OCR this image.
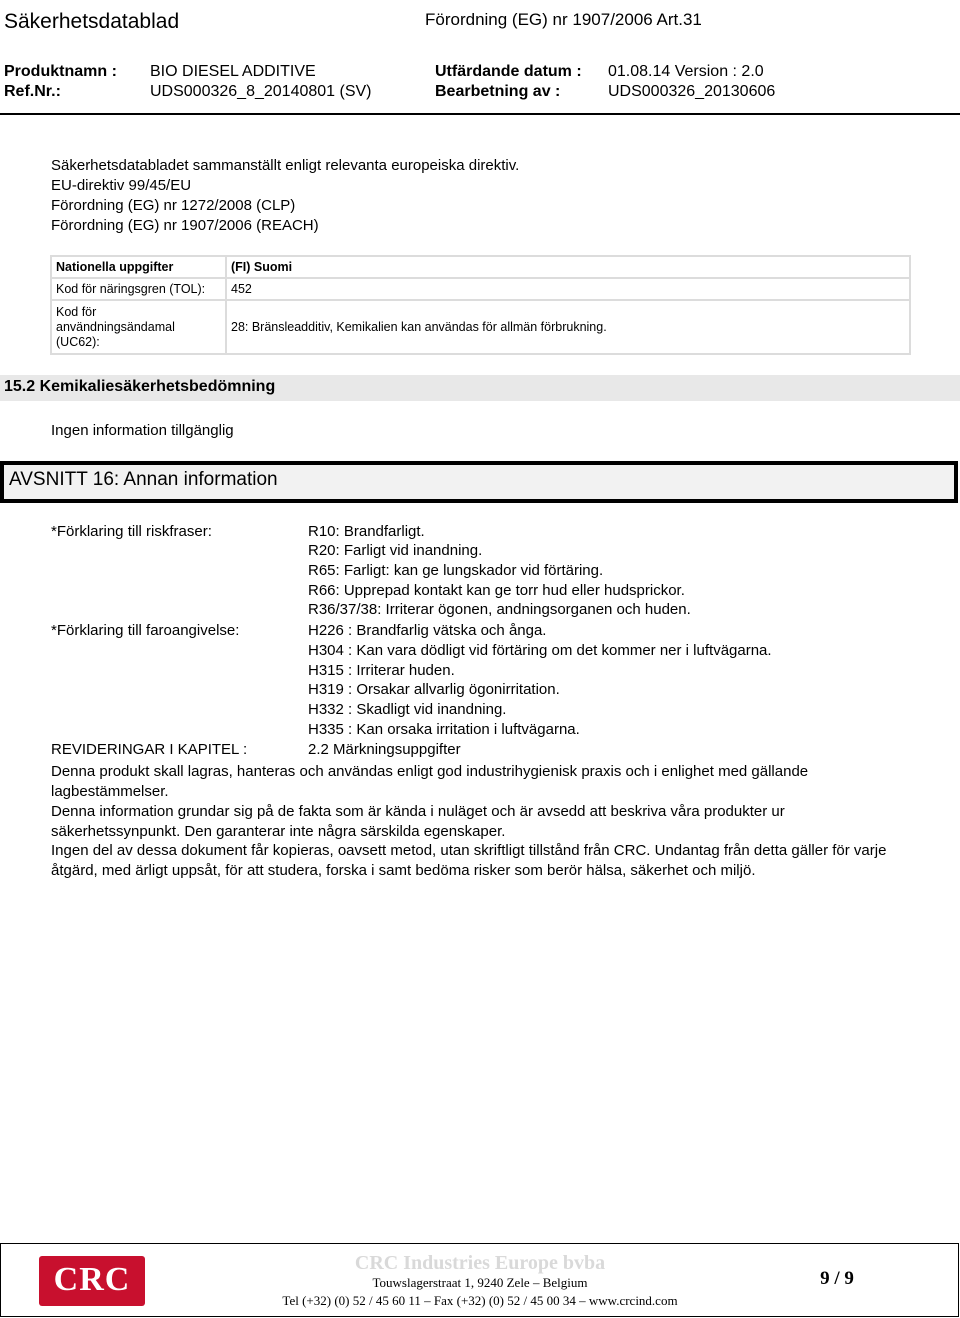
Säkerhetsdatablad	Förordning (EG) nr 1907/2006 Art.31
Produktnamn : BIO DIESEL ADDITIVE	Utfärdande datum : 01.08.14 Version : 2.0
Ref.Nr.:	UDS000326_8_20140801 (SV)	Bearbetning av :	UDS000326_20130606
Säkerhetsdatabladet sammanställt enligt relevanta europeiska direktiv.
EU-direktiv 99/45/EU
Förordning (EG) nr 1272/2008 (CLP)
Förordning (EG) nr 1907/2006 (REACH)
Nationella uppgifter	(FI) Suomi
Kod för näringsgren (TOL):	452

Kod för
användningsändamal
(UC62):	28: Bränsleadditiv, Kemikalien kan användas för allmän förbrukning.
15.2 Kemikaliesäkerhetsbedömning
Ingen information tillgänglig
AVSNITT 16: Annan information
*Förklaring till riskfraser:	R10: Brandfarligt.
R20: Farligt vid inandning.
R65: Farligt: kan ge lungskador vid förtäring.
R66: Upprepad kontakt kan ge torr hud eller hudsprickor.
R36/37/38: Irriterar ögonen, andningsorganen och huden.
*Förklaring till faroangivelse:	H226 : Brandfarlig vätska och ånga.
H304 : Kan vara dödligt vid förtäring om det kommer ner i luftvägarna.
H315 : Irriterar huden.
H319 : Orsakar allvarlig ögonirritation.
H332 : Skadligt vid inandning.
H335 : Kan orsaka irritation i luftvägarna.
REVIDERINGAR I KAPITEL :	2.2 Märkningsuppgifter
Denna produkt skall lagras, hanteras och användas enligt god industrihygienisk praxis och i enlighet med gällande lagbestämmelser.
Denna information grundar sig på de fakta som är kända i nuläget och är avsedd att beskriva våra produkter ur säkerhetssynpunkt. Den garanterar inte några särskilda egenskaper.
Ingen del av dessa dokument får kopieras, oavsett metod, utan skriftligt tillstånd från CRC. Undantag från detta gäller för varje åtgärd, med ärligt uppsåt, för att studera, forska i samt bedöma risker som berör hälsa, säkerhet och miljö.
CRC	CRC Industries Europe bvba
Touwslagerstraat 1, 9240 Zele – Belgium
Tel (+32) (0) 52 / 45 60 11 – Fax (+32) (0) 52 / 45 00 34 – www.crcind.com
9 / 9
